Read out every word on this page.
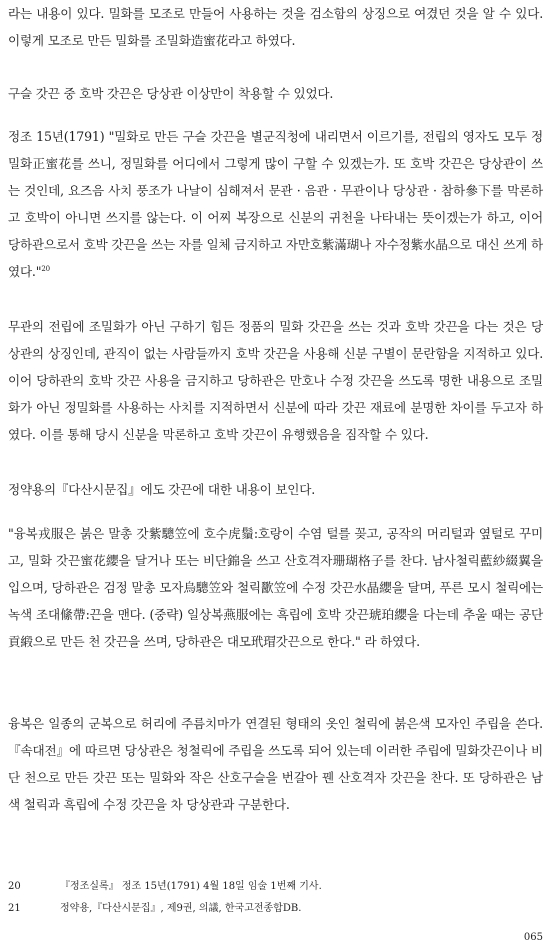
라는 내용이 있다. 밀화를 모조로 만들어 사용하는 것을 검소함의 상징으로 여겼던 것을 알 수 있다. 이렇게 모조로 만든 밀화를 조밀화造蜜花라고 하였다.

구슬 갓끈 중 호박 갓끈은 당상관 이상만이 착용할 수 있었다.

정조 15년(1791) "밀화로 만든 구슬 갓끈을 별군직청에 내리면서 이르기를, 전립의 영자도 모두 정밀화正蜜花를 쓰니, 정밀화를 어디에서 그렇게 많이 구할 수 있겠는가. 또 호박 갓끈은 당상관이 쓰는 것인데, 요즈음 사치 풍조가 나날이 심해져서 문관 · 음관 · 무관이나 당상관 · 참하參下를 막론하고 호박이 아니면 쓰지를 않는다. 이 어찌 복장으로 신분의 귀천을 나타내는 뜻이겠는가 하고, 이어 당하관으로서 호박 갓끈을 쓰는 자를 일체 금지하고 자만호紫滿瑚나 자수정紫水晶으로 대신 쓰게 하였다."$^{20}$

무관의 전립에 조밀화가 아닌 구하기 힘든 정품의 밀화 갓끈을 쓰는 것과 호박 갓끈을 다는 것은 당상관의 상징인데, 관직이 없는 사람들까지 호박 갓끈을 사용해 신분 구별이 문란함을 지적하고 있다. 이어 당하관의 호박 갓끈 사용을 금지하고 당하관은 만호나 수정 갓끈을 쓰도록 명한 내용으로 조밀화가 아닌 정밀화를 사용하는 사치를 지적하면서 신분에 따라 갓끈 재료에 분명한 차이를 두고자 하였다. 이를 통해 당시 신분을 막론하고 호박 갓끈이 유행했음을 짐작할 수 있다.

정약용의『다산시문집』에도 갓끈에 대한 내용이 보인다.

"융복戎服은 붉은 말총 갓紫驄笠에 호수虎鬚:호랑이 수염 털를 꽂고, 공작의 머리털과 옆털로 꾸미고, 밀화 갓끈蜜花纓을 달거나 또는 비단錦을 쓰고 산호격자珊瑚格子를 찬다. 남사철릭藍紗綴翼을 입으며, 당하관은 검정 말총 모자烏驄笠와 철릭歠笠에 수정 갓끈水晶纓을 달며, 푸른 모시 철릭에는 녹색 조대絛帶:끈을 맨다. (중략) 일상복燕服에는 흑립에 호박 갓끈琥珀纓을 다는데 추울 때는 공단貢緞으로 만든 천 갓끈을 쓰며, 당하관은 대모玳瑁갓끈으로 한다." 라 하였다.

융복은 일종의 군복으로 허리에 주름치마가 연결된 형태의 옷인 철릭에 붉은색 모자인 주립을 쓴다.『속대전』에 따르면 당상관은 청철릭에 주립을 쓰도록 되어 있는데 이러한 주립에 밀화갓끈이나 비단 천으로 만든 갓끈 또는 밀화와 작은 산호구슬을 번갈아 꿴 산호격자 갓끈을 찬다. 또 당하관은 남색 철릭과 흑립에 수정 갓끈을 차 당상관과 구분한다.

20	『정조실록』 정조 15년(1791) 4월 18일 임술 1번째 기사.

21	정약용,『다산시문집』, 제9권, 의議, 한국고전종합DB.

065
